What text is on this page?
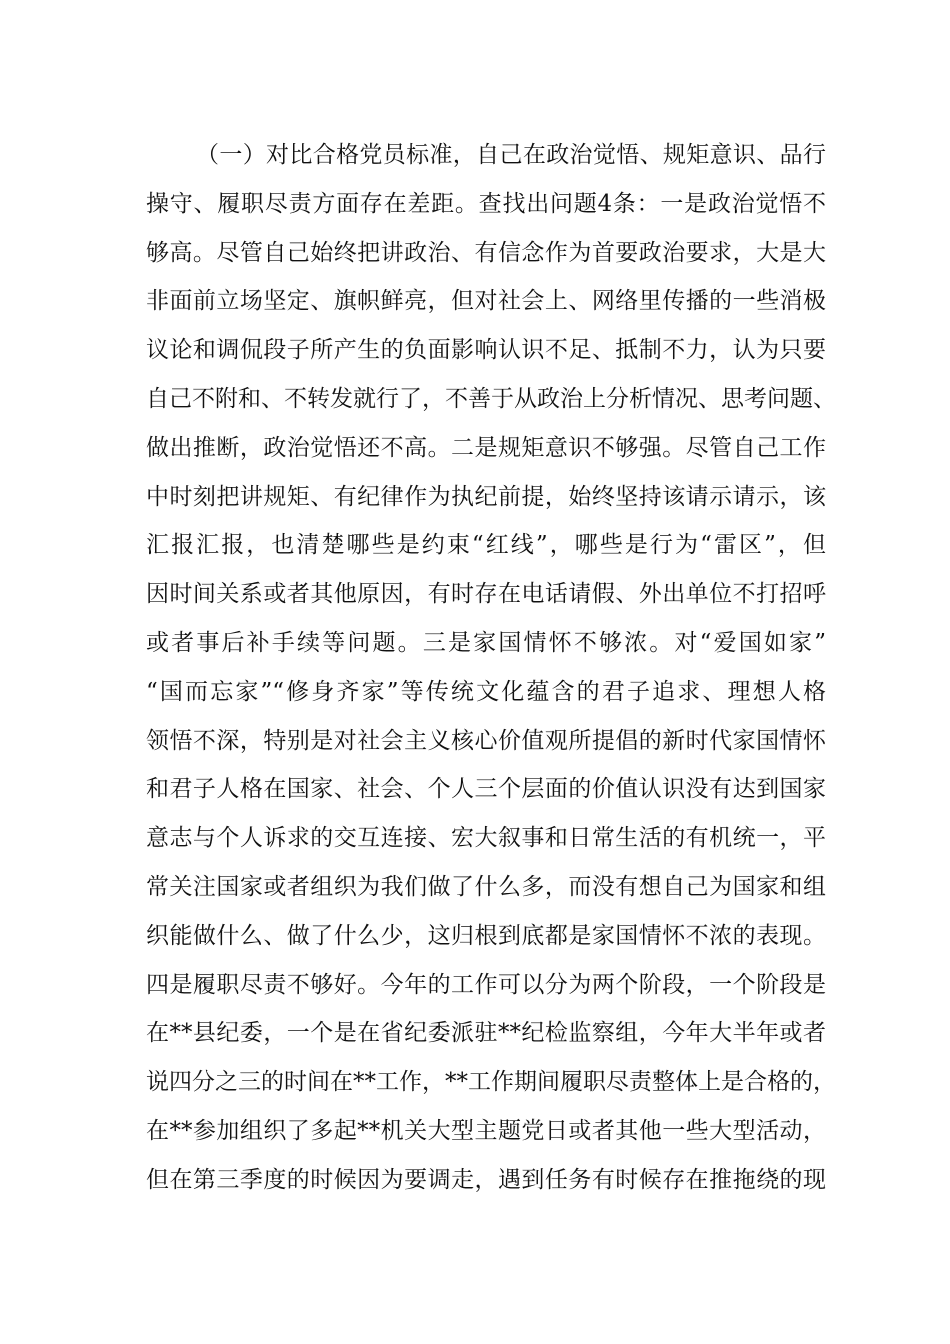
（一）对比合格党员标准，自己在政治觉悟、规矩意识、品行
操守、履职尽责方面存在差距。查找出问题4条：一是政治觉悟不
够高。尽管自己始终把讲政治、有信念作为首要政治要求，大是大
非面前立场坚定、旗帜鲜亮，但对社会上、网络里传播的一些消极
议论和调侃段子所产生的负面影响认识不足、抵制不力，认为只要
自己不附和、不转发就行了，不善于从政治上分析情况、思考问题、
做出推断，政治觉悟还不高。二是规矩意识不够强。尽管自己工作
中时刻把讲规矩、有纪律作为执纪前提，始终坚持该请示请示，该
汇报汇报，也清楚哪些是约束“红线”，哪些是行为“雷区”，但
因时间关系或者其他原因，有时存在电话请假、外出单位不打招呼
或者事后补手续等问题。三是家国情怀不够浓。对“爱国如家”
“国而忘家”“修身齐家”等传统文化蕴含的君子追求、理想人格
领悟不深，特别是对社会主义核心价值观所提倡的新时代家国情怀
和君子人格在国家、社会、个人三个层面的价值认识没有达到国家
意志与个人诉求的交互连接、宏大叙事和日常生活的有机统一，平
常关注国家或者组织为我们做了什么多，而没有想自己为国家和组
织能做什么、做了什么少，这归根到底都是家国情怀不浓的表现。
四是履职尽责不够好。今年的工作可以分为两个阶段，一个阶段是
在**县纪委，一个是在省纪委派驻**纪检监察组，今年大半年或者
说四分之三的时间在**工作，**工作期间履职尽责整体上是合格的，
在**参加组织了多起**机关大型主题党日或者其他一些大型活动，
但在第三季度的时候因为要调走，遇到任务有时候存在推拖绕的现
